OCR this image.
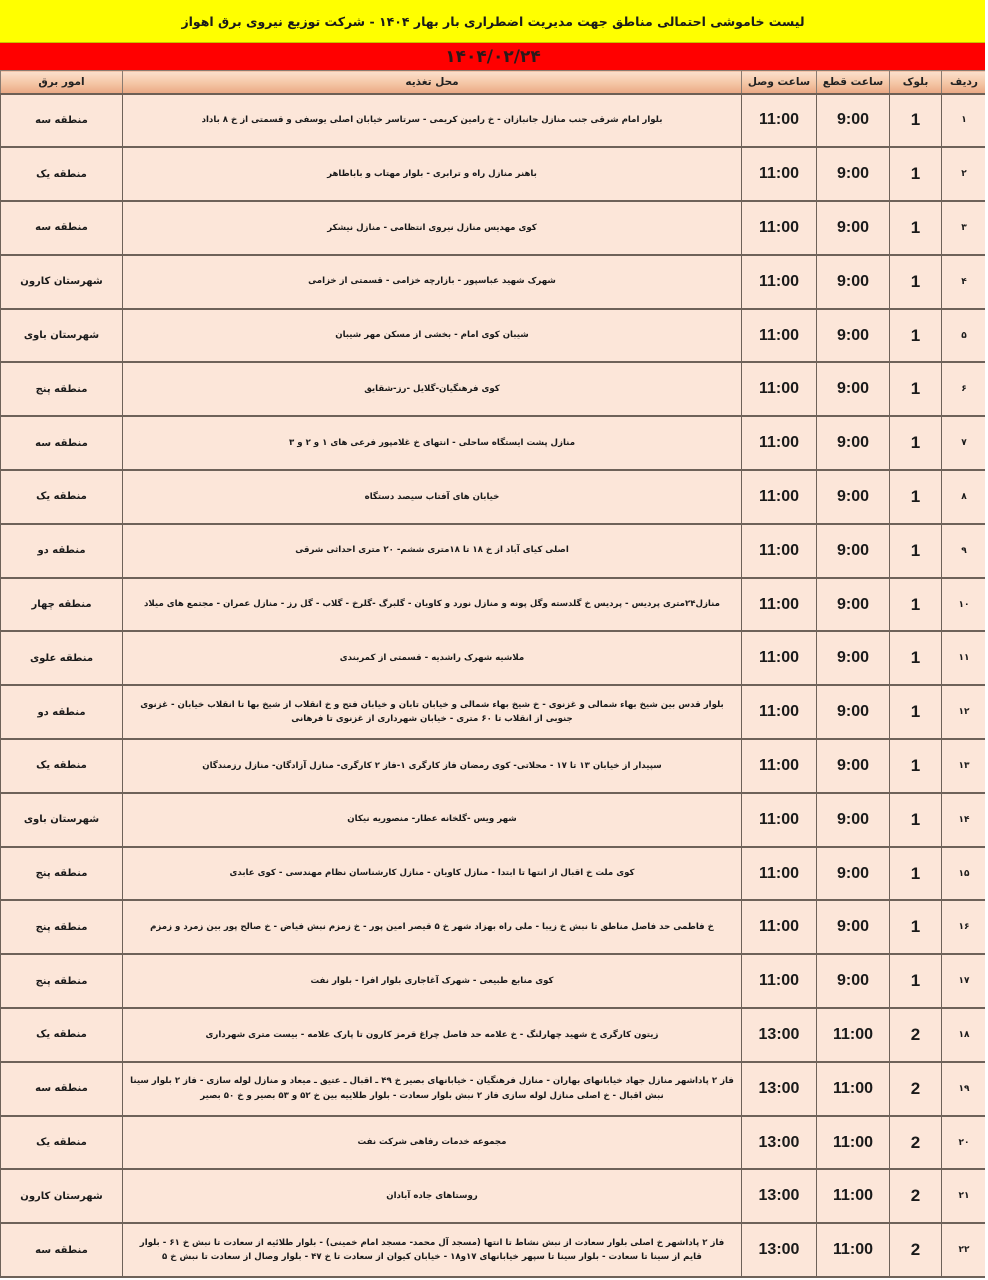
لیست خاموشی احتمالی مناطق جهت مدیریت اضطراری بار بهار ۱۴۰۴ - شرکت توزیع نیروی برق اهواز
۱۴۰۴/۰۲/۲۴
ردیف	بلوک	ساعت قطع	ساعت وصل	محل تغذیه	امور برق
۱	1	9:00	11:00	بلوار امام شرقی جنب منازل جانبازان - خ رامین کریمی - سرتاسر خیابان اصلی یوسفی و قسمتی از خ ۸ باداد	منطقه سه
۲	1	9:00	11:00	باهنر منازل راه و ترابری - بلوار مهتاب و باباطاهر	منطقه یک
۳	1	9:00	11:00	کوی مهدیس منازل نیروی انتظامی - منازل نیشکر	منطقه سه
۴	1	9:00	11:00	شهرک شهید عباسپور - بازارچه خزامی - قسمتی از خزامی	شهرستان کارون
۵	1	9:00	11:00	شیبان کوی امام - بخشی از مسکن مهر شیبان	شهرستان باوی
۶	1	9:00	11:00	کوی فرهنگیان-گلایل -رز-شقایق	منطقه پنج
۷	1	9:00	11:00	منازل پشت ایستگاه ساحلی - انتهای خ غلامپور فرعی های ۱ و ۲ و ۳	منطقه سه
۸	1	9:00	11:00	خیابان های آفتاب سیصد دستگاه	منطقه یک
۹	1	9:00	11:00	اصلی کیای آباد از خ ۱۸ تا ۱۸متری ششم- ۲۰ متری احداثی شرقی	منطقه دو
۱۰	1	9:00	11:00	منازل۲۴متری پردیس - پردیس خ گلدسته وگل پونه و منازل نورد و کاویان - گلبرگ -گلرخ - گلاب - گل رز - منازل عمران - مجتمع های میلاد	منطقه چهار
۱۱	1	9:00	11:00	ملاشیه شهرک راشدیه - قسمتی از کمربندی	منطقه علوی
۱۲	1	9:00	11:00	بلوار قدس بین شیخ بهاء شمالی و غزنوی - خ شیخ بهاء شمالی و خیابان تابان و خیابان فتح و خ انقلاب از شیخ بها تا انقلاب خیابان - غزنوی جنوبی از انقلاب تا ۶۰ متری - خیابان شهرداری از غزنوی تا فرهانی	منطقه دو
۱۳	1	9:00	11:00	سپیدار از خیابان ۱۳ تا ۱۷ - محلاتی- کوی رمضان فاز کارگری ۱-فاز ۲ کارگری- منازل آزادگان- منازل رزمندگان	منطقه یک
۱۴	1	9:00	11:00	شهر ویس -گلخانه عطار- منصوریه نیکان	شهرستان باوی
۱۵	1	9:00	11:00	کوی ملت خ اقبال از انتها تا ابتدا - منازل کاویان - منازل کارشناسان نظام مهندسی - کوی عابدی	منطقه پنج
۱۶	1	9:00	11:00	خ فاطمی حد فاصل مناطق تا نبش خ زیبا - ملی راه بهزاد شهر خ ۵ قیصر امین پور - خ زمزم نبش فیاض - خ صالح پور بین زمرد و زمزم	منطقه پنج
۱۷	1	9:00	11:00	کوی منابع طبیعی - شهرک آغاجاری بلوار افرا - بلوار نفت	منطقه پنج
۱۸	2	11:00	13:00	زیتون کارگری خ شهید چهارلنگ - خ علامه حد فاصل چراغ قرمز کارون تا پارک علامه - بیست متری شهرداری	منطقه یک
۱۹	2	11:00	13:00	فاز ۲ پاداشهر منازل جهاد خیابانهای بهاران - منازل فرهنگیان - خیابانهای بصیر خ ۴۹ ـ اقبال ـ عتیق ـ میعاد و منازل لوله سازی - فاز ۲ بلوار سینا نبش اقبال - خ اصلی منازل لوله سازی فاز ۲ نبش بلوار سعادت - بلوار طلاییه بین خ ۵۲ و ۵۳ بصیر و خ ۵۰ بصیر	منطقه سه
۲۰	2	11:00	13:00	مجموعه خدمات رفاهی شرکت نفت	منطقه یک
۲۱	2	11:00	13:00	روستاهای جاده آبادان	شهرستان کارون
۲۲	2	11:00	13:00	فاز ۲ پاداشهر خ اصلی بلوار سعادت از نبش نشاط تا انتها (مسجد آل محمد- مسجد امام خمینی) - بلوار طلائیه از سعادت تا نبش خ ۶۱ - بلوار قایم از سینا تا سعادت - بلوار سینا تا سپهر خیابانهای ۱۷و۱۸ - خیابان کیوان از سعادت تا خ ۴۷ - بلوار وصال از سعادت تا نبش خ ۵	منطقه سه
